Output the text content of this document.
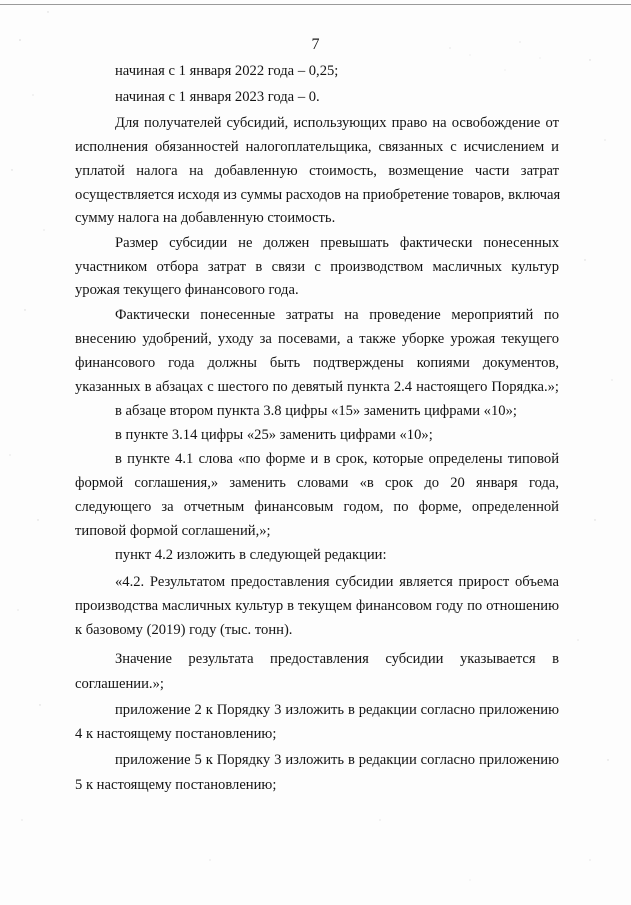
7
начиная с 1 января 2022 года – 0,25;
начиная с 1 января 2023 года – 0.
Для получателей субсидий, использующих право на освобождение от
исполнения обязанностей налогоплательщика, связанных с исчислением и
уплатой налога на добавленную стоимость, возмещение части затрат
осуществляется исходя из суммы расходов на приобретение товаров, включая
сумму налога на добавленную стоимость.
Размер субсидии не должен превышать фактически понесенных
участником отбора затрат в связи с производством масличных культур
урожая текущего финансового года.
Фактически понесенные затраты на проведение мероприятий по
внесению удобрений, уходу за посевами, а также уборке урожая текущего
финансового года должны быть подтверждены копиями документов,
указанных в абзацах с шестого по девятый пункта 2.4 настоящего Порядка.»;
в абзаце втором пункта 3.8 цифры «15» заменить цифрами «10»;
в пункте 3.14 цифры «25» заменить цифрами «10»;
в пункте 4.1 слова «по форме и в срок, которые определены типовой
формой соглашения,» заменить словами «в срок до 20 января года,
следующего за отчетным финансовым годом, по форме, определенной
типовой формой соглашений,»;
пункт 4.2 изложить в следующей редакции:
«4.2. Результатом предоставления субсидии является прирост объема
производства масличных культур в текущем финансовом году по отношению
к базовому (2019) году (тыс. тонн).
Значение результата предоставления субсидии указывается в
соглашении.»;
приложение 2 к Порядку 3 изложить в редакции согласно приложению
4 к настоящему постановлению;
приложение 5 к Порядку 3 изложить в редакции согласно приложению
5 к настоящему постановлению;
